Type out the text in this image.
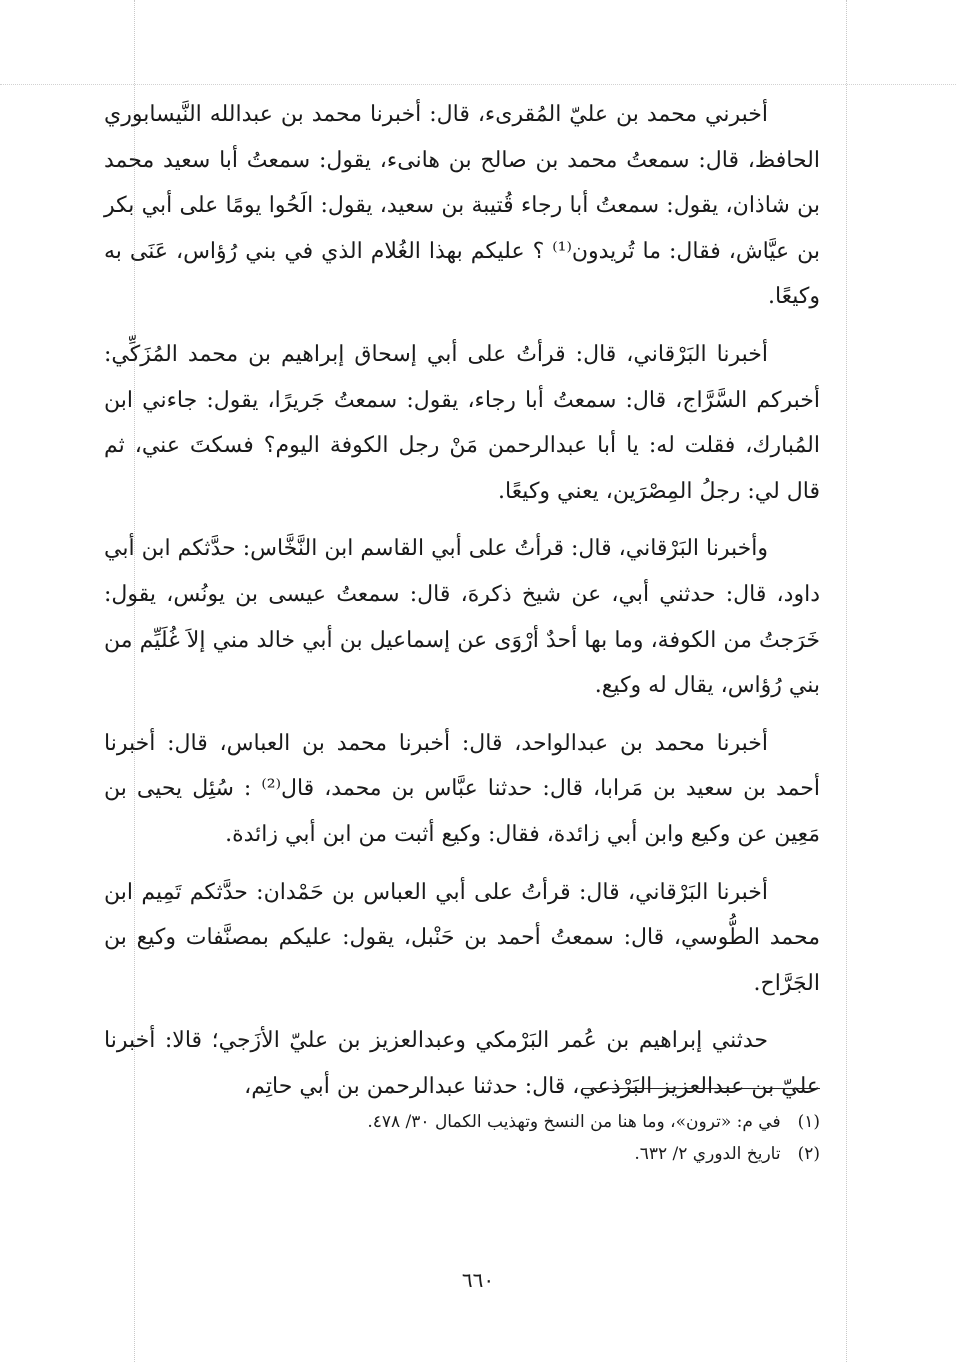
أخبرني محمد بن عليّ المُقرىء، قال: أخبرنا محمد بن عبدالله النَّيسابوري الحافظ، قال: سمعتُ محمد بن صالح بن هانىء، يقول: سمعتُ أبا سعيد محمد بن شاذان، يقول: سمعتُ أبا رجاء قُتيبة بن سعيد، يقول: الَحُوا يومًا على أبي بكر بن عيَّاش، فقال: ما تُريدون⁽¹⁾ ؟ عليكم بهذا الغُلام الذي في بني رُؤاس، عَنَى به وكيعًا.

أخبرنا البَرْقاني، قال: قرأتُ على أبي إسحاق إبراهيم بن محمد المُزَكِّي: أخبركم السَّرَّاج، قال: سمعتُ أبا رجاء، يقول: سمعتُ جَريرًا، يقول: جاءني ابن المُبارك، فقلت له: يا أبا عبدالرحمن مَنْ رجل الكوفة اليوم؟ فسكتَ عني، ثم قال لي: رجلُ المِصْرَين، يعني وكيعًا.

وأخبرنا البَرْقاني، قال: قرأتُ على أبي القاسم ابن النَّخَّاس: حدَّثكم ابن أبي داود، قال: حدثني أبي، عن شيخ ذكرهَ، قال: سمعتُ عيسى بن يونُس، يقول: خَرَجتُ من الكوفة، وما بها أحدٌ أرْوَى عن إسماعيل بن أبي خالد مني إلاَ غُلَيِّم من بني رُؤاس، يقال له وكيع.

أخبرنا محمد بن عبدالواحد، قال: أخبرنا محمد بن العباس، قال: أخبرنا أحمد بن سعيد بن مَرابا، قال: حدثنا عبَّاس بن محمد، قال⁽²⁾ : سُئِل يحيى بن مَعِين عن وكيع وابن أبي زائدة، فقال: وكيع أثبت من ابن أبي زائدة.

أخبرنا البَرْقاني، قال: قرأتُ على أبي العباس بن حَمْدان: حدَّثكم تَمِيم ابن محمد الطُّوسي، قال: سمعتُ أحمد بن حَنْبل، يقول: عليكم بمصنَّفات وكيع بن الجَرَّاح.

حدثني إبراهيم بن عُمر البَرْمكي وعبدالعزيز بن عليّ الأزَجي؛ قالا: أخبرنا عليّ بن عبدالعزيز البَرْذعي، قال: حدثنا عبدالرحمن بن أبي حاتِم،

(١) في م: «ترون»، وما هنا من النسخ وتهذيب الكمال ٣٠/ ٤٧٨.

(٢) تاريخ الدوري ٢/ ٦٣٢.

٦٦٠
